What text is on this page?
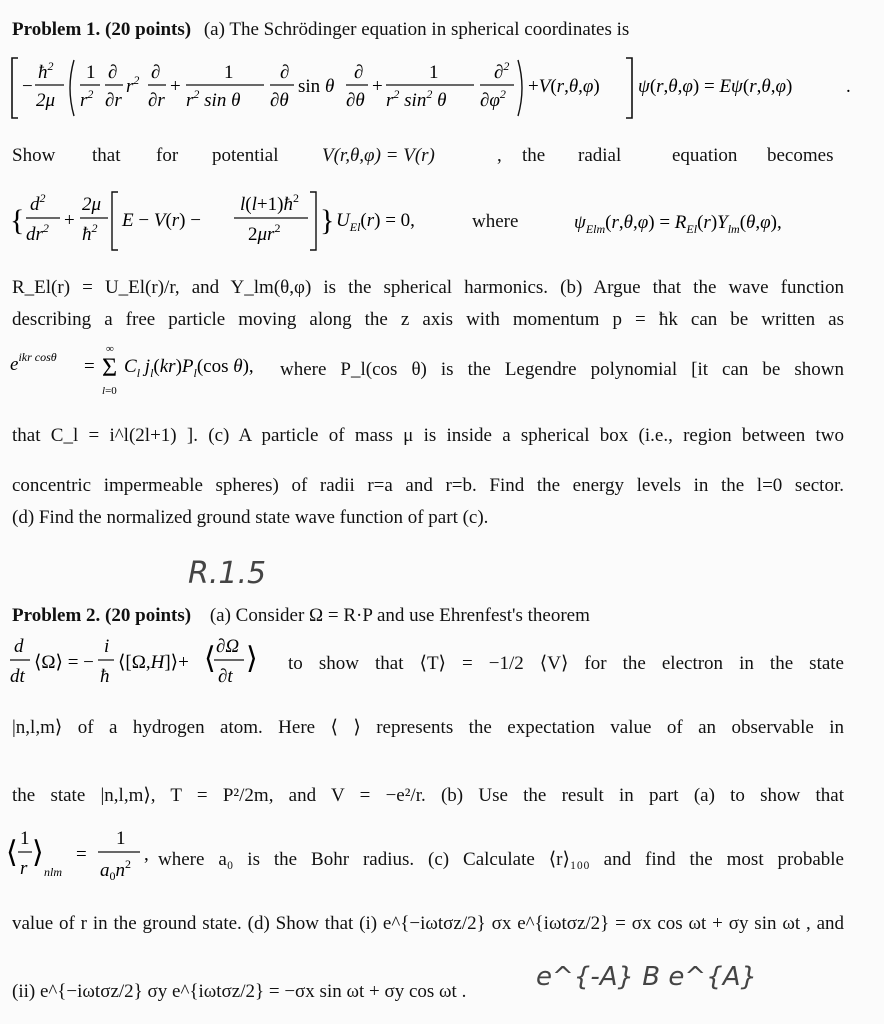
Problem 1. (20 points) (a) The Schrödinger equation in spherical coordinates is
−
$ħ^2$
2μ
1
$r^2$
∂
∂r
$r^2$ ∂
∂r
+
1
$r^2$ sin θ
∂
∂θ
sin θ
∂
∂θ
+
1
$r^2$ $\sin^2 \theta$
∂$^2$
$\partial\varphi^2 +V(r,\theta,\varphi) \psi(r,\theta,\varphi) = E\psi(r,\theta,\varphi)$	.
Show that for potential V(r,θ,φ) = V(r)	, the radial	equation becomes
{ $d^2$
$dr^2$ +
2μ
$ħ^2$ E − V(r) −
$l(l+1)ħ^2$
$2\mu r^2$ } $U_{El}(r) = 0$,	where	$\psi_{Elm}(r,\theta,\varphi) = R_{El}(r)Y_{lm}(\theta,\varphi)$,
R_El(r) = U_El(r)/r, and Y_lm(θ,φ) is the spherical harmonics. (b) Argue that the wave function
describing a free particle moving along the z axis with momentum p = ħk can be written as
$e^{ikr cos\theta}$ =
∞
Σ
l=0
$C_l$ $j_l(kr)P_l(\cos$ θ), where P_l(cos θ) is the Legendre polynomial [it can be shown
that C_l = i^l(2l+1) ]. (c) A particle of mass μ is inside a spherical box (i.e., region between two
concentric impermeable spheres) of radii r=a and r=b. Find the energy levels in the l=0 sector.
(d) Find the normalized ground state wave function of part (c).
R.1.5
Problem 2. (20 points) (a) Consider Ω = R·P and use Ehrenfest's theorem
d
dt
⟨Ω⟩ = −
i
ħ
⟨[Ω,H]⟩+ ⟨ ∂Ω
∂t
⟩ to show that ⟨T⟩ = −1/2 ⟨V⟩ for the electron in the state
|n,l,m⟩ of a hydrogen atom. Here ⟨ ⟩ represents the expectation value of an observable in
the state |n,l,m⟩, T = P²/2m, and V = −e²/r. (b) Use the result in part (a) to show that
⟨ 1
r ⟩
nlm
=
1
$a_0n^2$ , where a₀ is the Bohr radius. (c) Calculate ⟨r⟩₁₀₀ and find the most probable
value of r in the ground state. (d) Show that (i) e^{−iωtσz/2} σx e^{iωtσz/2} = σx cos ωt + σy sin ωt , and
(ii) e^{−iωtσz/2} σy e^{iωtσz/2} = −σx sin ωt + σy cos ωt .	e^{-A} B e^{A}
